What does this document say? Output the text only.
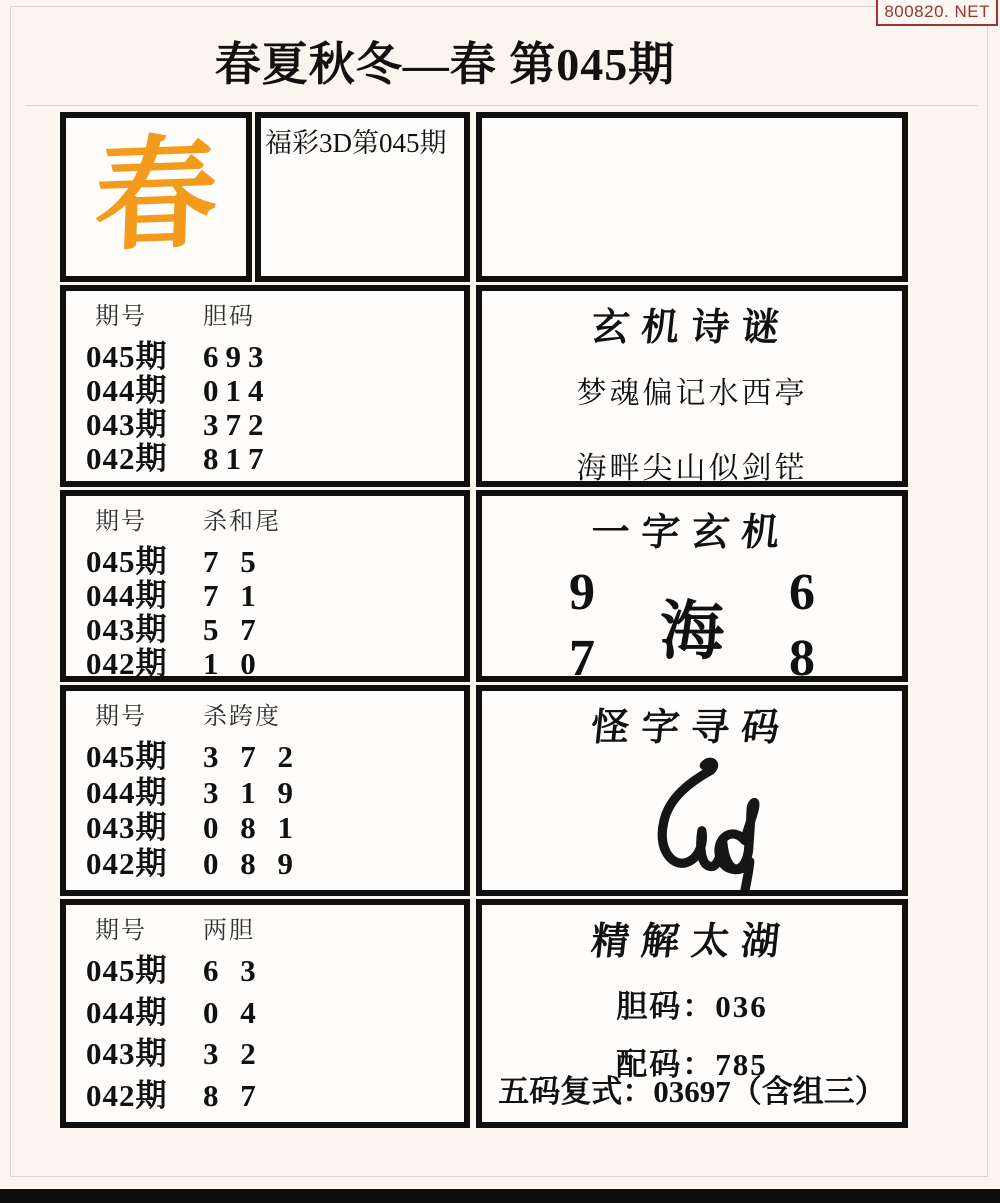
800820. NET
春夏秋冬—春 第045期
春 福彩3D第045期
期号	胆码
045期	693
044期	014
043期	372
042期	817
玄机诗谜
梦魂偏记水西亭
海畔尖山似剑铓
期号	杀和尾
045期	7 5
044期	7 1
043期	5 7
042期	1 0
一字玄机
9	6
海
7	8
期号	杀跨度
045期	3 7 2
044期	3 1 9
043期	0 8 1
042期	0 8 9
怪字寻码
期号	两胆
045期	6 3
044期	0 4
043期	3 2
042期	8 7
精解太湖
胆码：036
配码：785
五码复式：03697（含组三）
